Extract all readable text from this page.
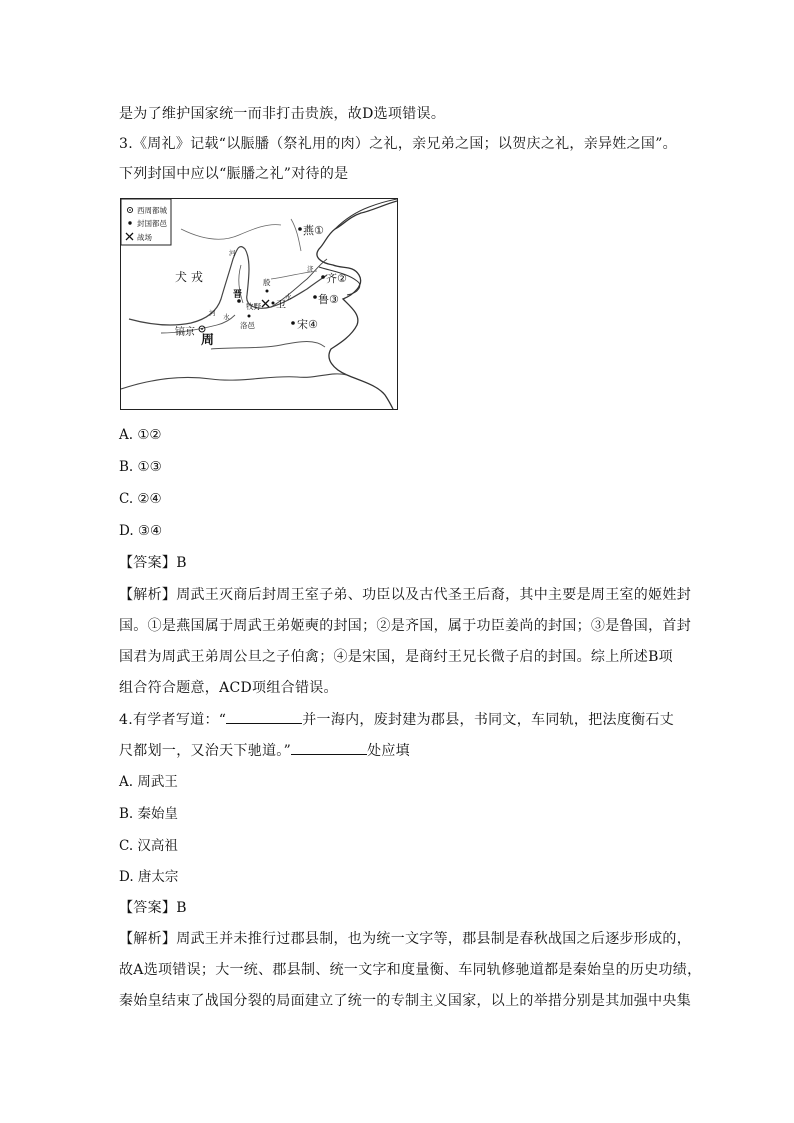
是为了维护国家统一而非打击贵族，故D选项错误。
3.《周礼》记载“以脤膰（祭礼用的肉）之礼，亲兄弟之国；以贺庆之礼，亲异姓之国”。
下列封国中应以“脤膰之礼”对待的是
西周都城
封国都邑
战场
犬 戎
燕①
殷
晋
牧野 卫
齐②
鲁③
宋④
洛邑
镐京
周
河
河
济
水
水
A. ①②
B. ①③
C. ②④
D. ③④
【答案】B
【解析】周武王灭商后封周王室子弟、功臣以及古代圣王后裔，其中主要是周王室的姬姓封
国。①是燕国属于周武王弟姬奭的封国；②是齐国，属于功臣姜尚的封国；③是鲁国，首封
国君为周武王弟周公旦之子伯禽；④是宋国，是商纣王兄长微子启的封国。综上所述B项
组合符合题意，ACD项组合错误。
4.有学者写道：“	并一海内，废封建为郡县，书同文，车同轨，把法度衡石丈
尺都划一，又治天下驰道。”	处应填
A. 周武王
B. 秦始皇
C. 汉高祖
D. 唐太宗
【答案】B
【解析】周武王并未推行过郡县制，也为统一文字等，郡县制是春秋战国之后逐步形成的，
故A选项错误；大一统、郡县制、统一文字和度量衡、车同轨修驰道都是秦始皇的历史功绩，
秦始皇结束了战国分裂的局面建立了统一的专制主义国家，以上的举措分别是其加强中央集
